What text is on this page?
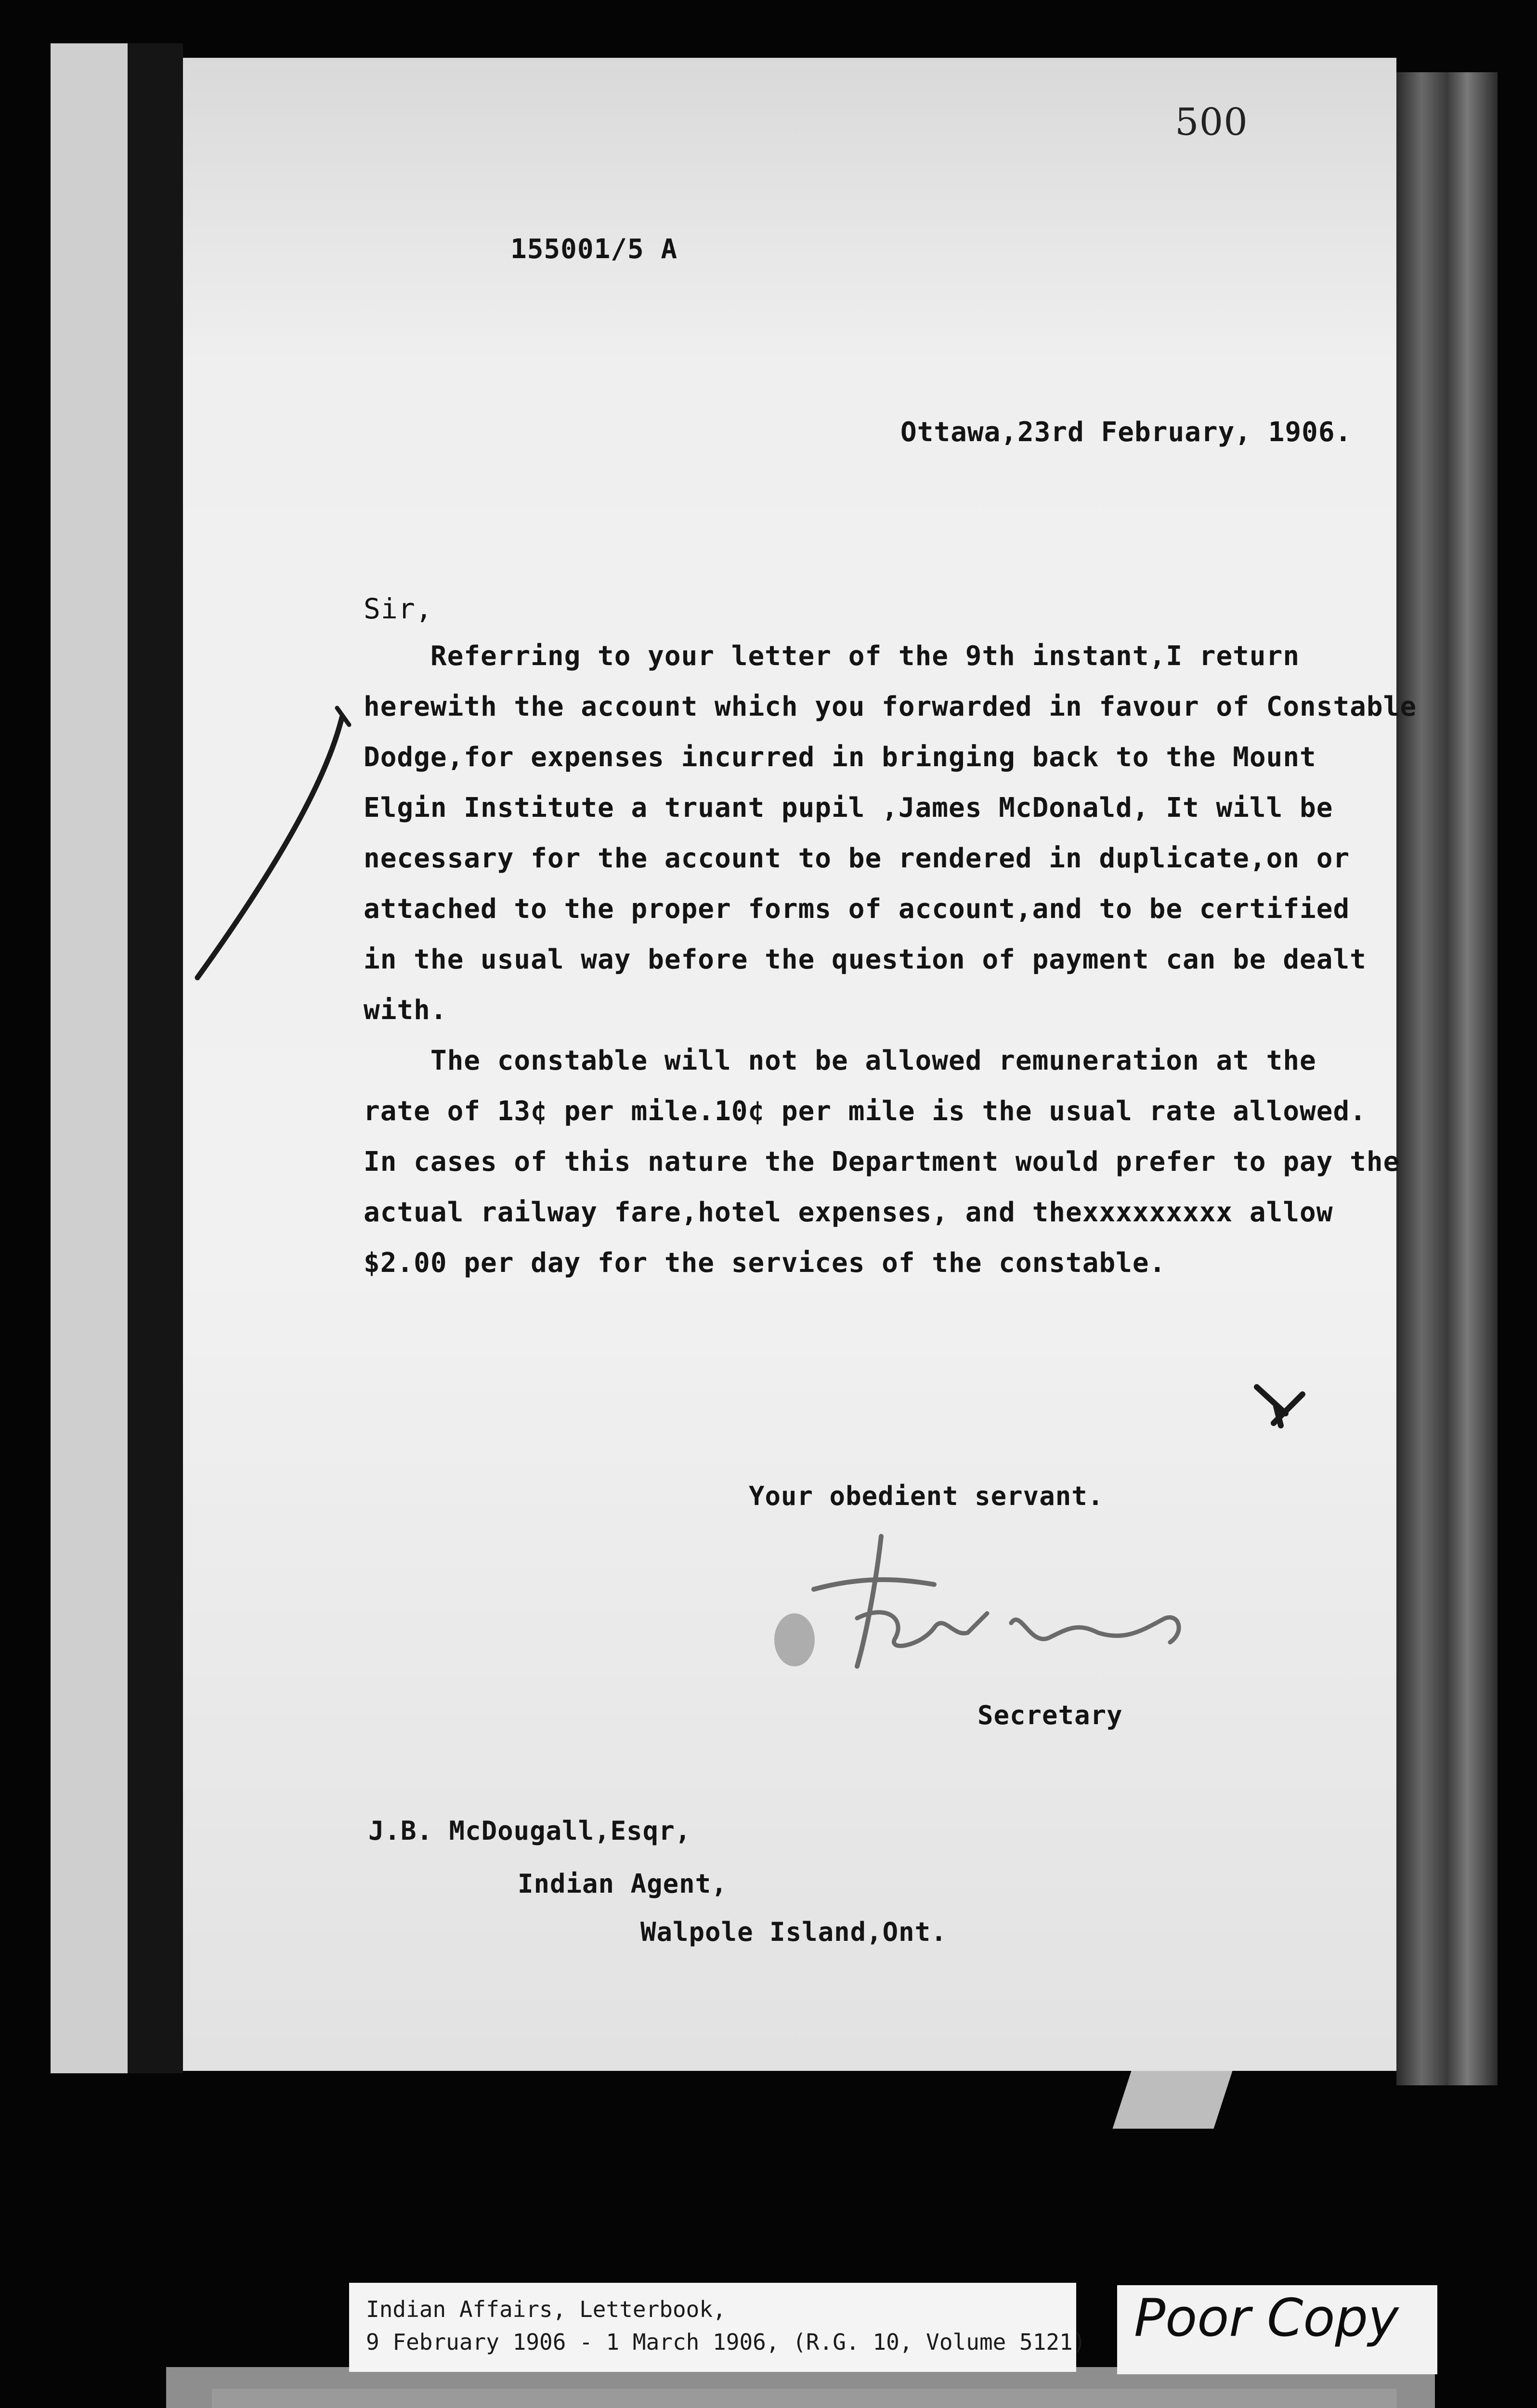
500
155001/5 A
Ottawa,23rd February, 1906.
Sir,
Referring to your letter of the 9th instant,I return
herewith the account which you forwarded in favour of Constable
Dodge,for expenses incurred in bringing back to the Mount
Elgin Institute a truant pupil ,James McDonald, It will be
necessary for the account to be rendered in duplicate,on or
attached to the proper forms of account,and to be certified
in the usual way before the question of payment can be dealt
with.
The constable will not be allowed remuneration at the
rate of 13¢ per mile.10¢ per mile is the usual rate allowed.
In cases of this nature the Department would prefer to pay the
actual railway fare,hotel expenses, and thexxxxxxxxx allow
$2.00 per day for the services of the constable.
Your obedient servant.
Secretary
J.B. McDougall,Esqr,
Indian Agent,
Walpole Island,Ont.
Indian Affairs, Letterbook,
9 February 1906 - 1 March 1906, (R.G. 10, Volume 5121) Poor Copy
